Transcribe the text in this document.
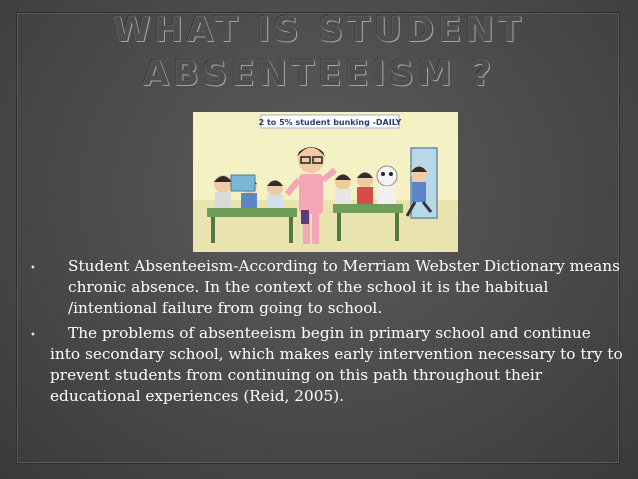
WHAT IS STUDENT
ABSENTEEISM ?
2 to 5% student bunking -DAILY
• Student Absenteeism-According to Merriam Webster Dictionary means chronic absence. In the context of the school it is the habitual /intentional failure from going to school.
• The problems of absenteeism begin in primary school and continue into secondary school, which makes early intervention necessary to try to prevent students from continuing on this path throughout their educational experiences (Reid, 2005).
